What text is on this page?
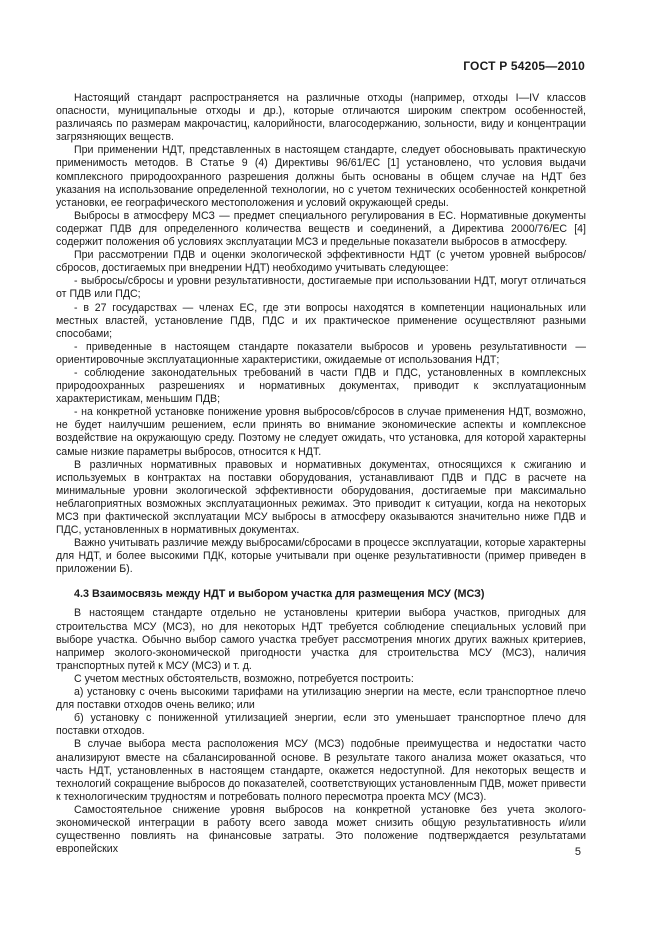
ГОСТ Р 54205—2010

Настоящий стандарт распространяется на различные отходы (например, отходы I—IV классов опасности, муниципальные отходы и др.), которые отличаются широким спектром особенностей, различаясь по размерам макрочастиц, калорийности, влагосодержанию, зольности, виду и концентрации загрязняющих веществ.

При применении НДТ, представленных в настоящем стандарте, следует обосновывать практическую применимость методов. В Статье 9 (4) Директивы 96/61/ЕС [1] установлено, что условия выдачи комплексного природоохранного разрешения должны быть основаны в общем случае на НДТ без указания на использование определенной технологии, но с учетом технических особенностей конкретной установки, ее географического местоположения и условий окружающей среды.

Выбросы в атмосферу МСЗ — предмет специального регулирования в ЕС. Нормативные документы содержат ПДВ для определенного количества веществ и соединений, а Директива 2000/76/ЕС [4] содержит положения об условиях эксплуатации МСЗ и предельные показатели выбросов в атмосферу.

При рассмотрении ПДВ и оценки экологической эффективности НДТ (с учетом уровней выбросов/сбросов, достигаемых при внедрении НДТ) необходимо учитывать следующее:

- выбросы/сбросы и уровни результативности, достигаемые при использовании НДТ, могут отличаться от ПДВ или ПДС;

- в 27 государствах — членах ЕС, где эти вопросы находятся в компетенции национальных или местных властей, установление ПДВ, ПДС и их практическое применение осуществляют разными способами;

- приведенные в настоящем стандарте показатели выбросов и уровень результативности — ориентировочные эксплуатационные характеристики, ожидаемые от использования НДТ;

- соблюдение законодательных требований в части ПДВ и ПДС, установленных в комплексных природоохранных разрешениях и нормативных документах, приводит к эксплуатационным характеристикам, меньшим ПДВ;

- на конкретной установке понижение уровня выбросов/сбросов в случае применения НДТ, возможно, не будет наилучшим решением, если принять во внимание экономические аспекты и комплексное воздействие на окружающую среду. Поэтому не следует ожидать, что установка, для которой характерны самые низкие параметры выбросов, относится к НДТ.

В различных нормативных правовых и нормативных документах, относящихся к сжиганию и используемых в контрактах на поставки оборудования, устанавливают ПДВ и ПДС в расчете на минимальные уровни экологической эффективности оборудования, достигаемые при максимально неблагоприятных возможных эксплуатационных режимах. Это приводит к ситуации, когда на некоторых МСЗ при фактической эксплуатации МСУ выбросы в атмосферу оказываются значительно ниже ПДВ и ПДС, установленных в нормативных документах.

Важно учитывать различие между выбросами/сбросами в процессе эксплуатации, которые характерны для НДТ, и более высокими ПДК, которые учитывали при оценке результативности (пример приведен в приложении Б).

4.3 Взаимосвязь между НДТ и выбором участка для размещения МСУ (МСЗ)

В настоящем стандарте отдельно не установлены критерии выбора участков, пригодных для строительства МСУ (МСЗ), но для некоторых НДТ требуется соблюдение специальных условий при выборе участка. Обычно выбор самого участка требует рассмотрения многих других важных критериев, например экологo-экономической пригодности участка для строительства МСУ (МСЗ), наличия транспортных путей к МСУ (МСЗ) и т. д.

С учетом местных обстоятельств, возможно, потребуется построить:

а) установку с очень высокими тарифами на утилизацию энергии на месте, если транспортное плечо для поставки отходов очень велико; или

б) установку с пониженной утилизацией энергии, если это уменьшает транспортное плечо для поставки отходов.

В случае выбора места расположения МСУ (МСЗ) подобные преимущества и недостатки часто анализируют вместе на сбалансированной основе. В результате такого анализа может оказаться, что часть НДТ, установленных в настоящем стандарте, окажется недоступной. Для некоторых веществ и технологий сокращение выбросов до показателей, соответствующих установленным ПДВ, может привести к технологическим трудностям и потребовать полного пересмотра проекта МСУ (МСЗ).

Самостоятельное снижение уровня выбросов на конкретной установке без учета экологo-экономической интеграции в работу всего завода может снизить общую результативность и/или существенно повлиять на финансовые затраты. Это положение подтверждается результатами европейских	5
